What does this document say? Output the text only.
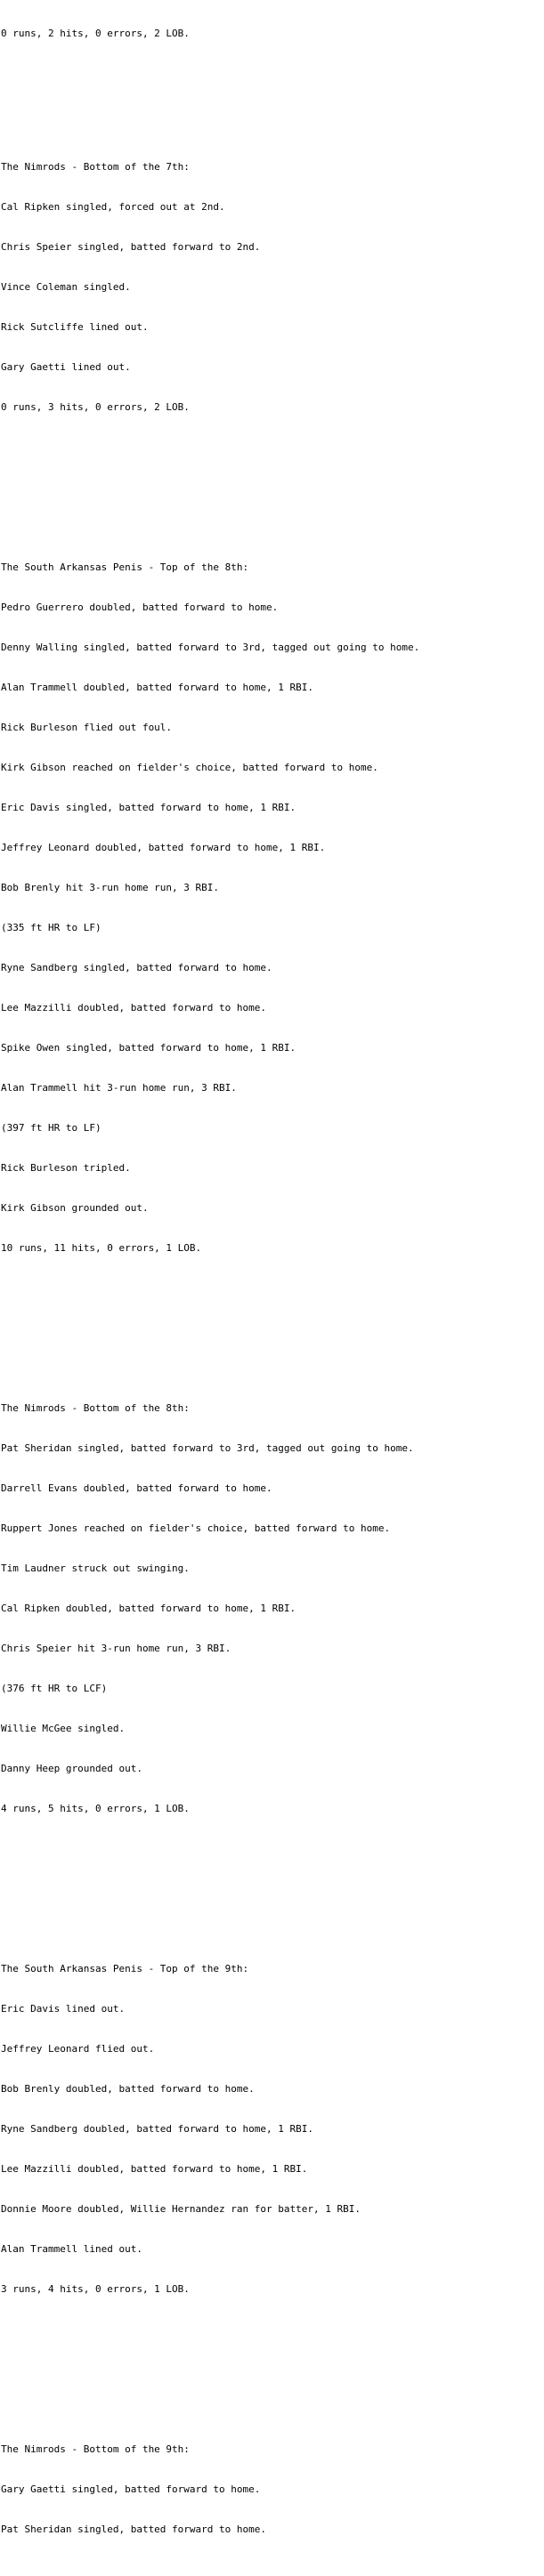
0 runs, 2 hits, 0 errors, 2 LOB.

The Nimrods - Bottom of the 7th:

Cal Ripken singled, forced out at 2nd.

Chris Speier singled, batted forward to 2nd.

Vince Coleman singled.

Rick Sutcliffe lined out.

Gary Gaetti lined out.

0 runs, 3 hits, 0 errors, 2 LOB.

The South Arkansas Penis - Top of the 8th:

Pedro Guerrero doubled, batted forward to home.

Denny Walling singled, batted forward to 3rd, tagged out going to home.

Alan Trammell doubled, batted forward to home, 1 RBI.

Rick Burleson flied out foul.

Kirk Gibson reached on fielder's choice, batted forward to home.

Eric Davis singled, batted forward to home, 1 RBI.

Jeffrey Leonard doubled, batted forward to home, 1 RBI.

Bob Brenly hit 3-run home run, 3 RBI.

(335 ft HR to LF)

Ryne Sandberg singled, batted forward to home.

Lee Mazzilli doubled, batted forward to home.

Spike Owen singled, batted forward to home, 1 RBI.

Alan Trammell hit 3-run home run, 3 RBI.

(397 ft HR to LF)

Rick Burleson tripled.

Kirk Gibson grounded out.

10 runs, 11 hits, 0 errors, 1 LOB.

The Nimrods - Bottom of the 8th:

Pat Sheridan singled, batted forward to 3rd, tagged out going to home.

Darrell Evans doubled, batted forward to home.

Ruppert Jones reached on fielder's choice, batted forward to home.

Tim Laudner struck out swinging.

Cal Ripken doubled, batted forward to home, 1 RBI.

Chris Speier hit 3-run home run, 3 RBI.

(376 ft HR to LCF)

Willie McGee singled.

Danny Heep grounded out.

4 runs, 5 hits, 0 errors, 1 LOB.

The South Arkansas Penis - Top of the 9th:

Eric Davis lined out.

Jeffrey Leonard flied out.

Bob Brenly doubled, batted forward to home.

Ryne Sandberg doubled, batted forward to home, 1 RBI.

Lee Mazzilli doubled, batted forward to home, 1 RBI.

Donnie Moore doubled, Willie Hernandez ran for batter, 1 RBI.

Alan Trammell lined out.

3 runs, 4 hits, 0 errors, 1 LOB.

The Nimrods - Bottom of the 9th:

Gary Gaetti singled, batted forward to home.

Pat Sheridan singled, batted forward to home.
